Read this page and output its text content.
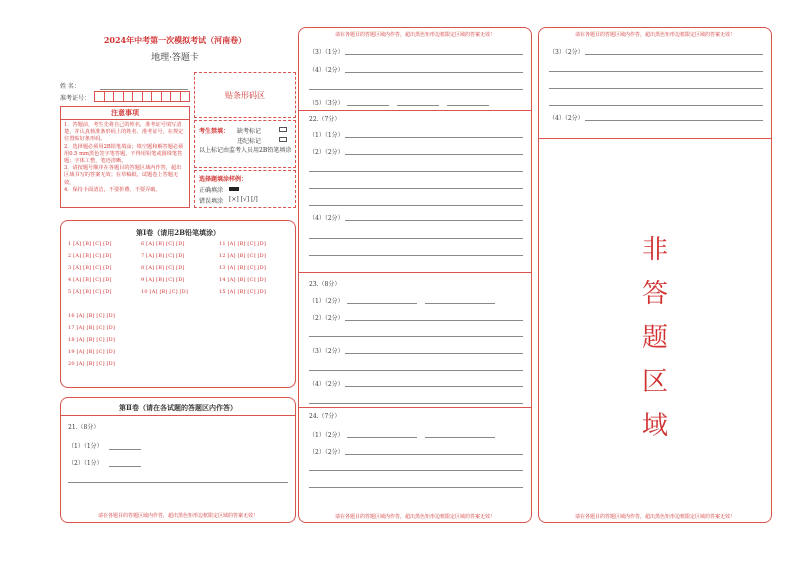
2024年中考第一次模拟考试（河南卷）
地理·答题卡
姓 名：
准考证号：	贴条形码区
注意事项
1．答题前，考生先将自己的姓名，准考证号填写清楚，并认真核准条形码上的姓名、准考证号，在规定位置贴好条形码。
2．选择题必须用2B铅笔填涂；填空题和解答题必须用0.5 mm黑色签字笔答题，不得用铅笔或圆珠笔答题；字体工整、笔迹清晰。
3．请按题号顺序在各题目的答题区域内作答，超出区域书写的答案无效；在草稿纸、试题卷上答题无效。
4．保持卡面清洁，不要折叠、不要弄破。
考生禁填： 缺考标记
违纪标记
以上标记由监考人员用2B铅笔填涂
选择题填涂样例：
正确填涂
错误填涂 [×] [√] [/]
第Ⅰ卷（请用2B铅笔填涂）
1 [A] [B] [C] [D]	6 [A] [B] [C] [D]	11 [A] [B] [C] [D]
2 [A] [B] [C] [D]	7 [A] [B] [C] [D]	12 [A] [B] [C] [D]
3 [A] [B] [C] [D]	8 [A] [B] [C] [D]	13 [A] [B] [C] [D]
4 [A] [B] [C] [D]	9 [A] [B] [C] [D]	14 [A] [B] [C] [D]
5 [A] [B] [C] [D]	10 [A] [B] [C] [D]	15 [A] [B] [C] [D]
16 [A] [B] [C] [D]
17 [A] [B] [C] [D]
18 [A] [B] [C] [D]
19 [A] [B] [C] [D]
20 [A] [B] [C] [D]
第Ⅱ卷（请在各试题的答题区内作答）
21.（8分）
（1）（1分）
（2）（1分）
请在各题目的答题区域内作答，超出黑色矩形边框限定区域的答案无效！
请在各题目的答题区域内作答，超出黑色矩形边框限定区域的答案无效！
（3）（1分）
（4）（2分）
（5）（3分）
22.（7分）
（1）（1分）
（2）（2分）
（4）（2分）
23.（8分）
（1）（2分）
（2）（2分）
（3）（2分）
（4）（2分）
24.（7分）
（1）（2分）
（2）（2分）
请在各题目的答题区域内作答，超出黑色矩形边框限定区域的答案无效！
请在各题目的答题区域内作答，超出黑色矩形边框限定区域的答案无效！
（3）（2分）
（4）（2分）
非
答
题
区
域
请在各题目的答题区域内作答，超出黑色矩形边框限定区域的答案无效！
